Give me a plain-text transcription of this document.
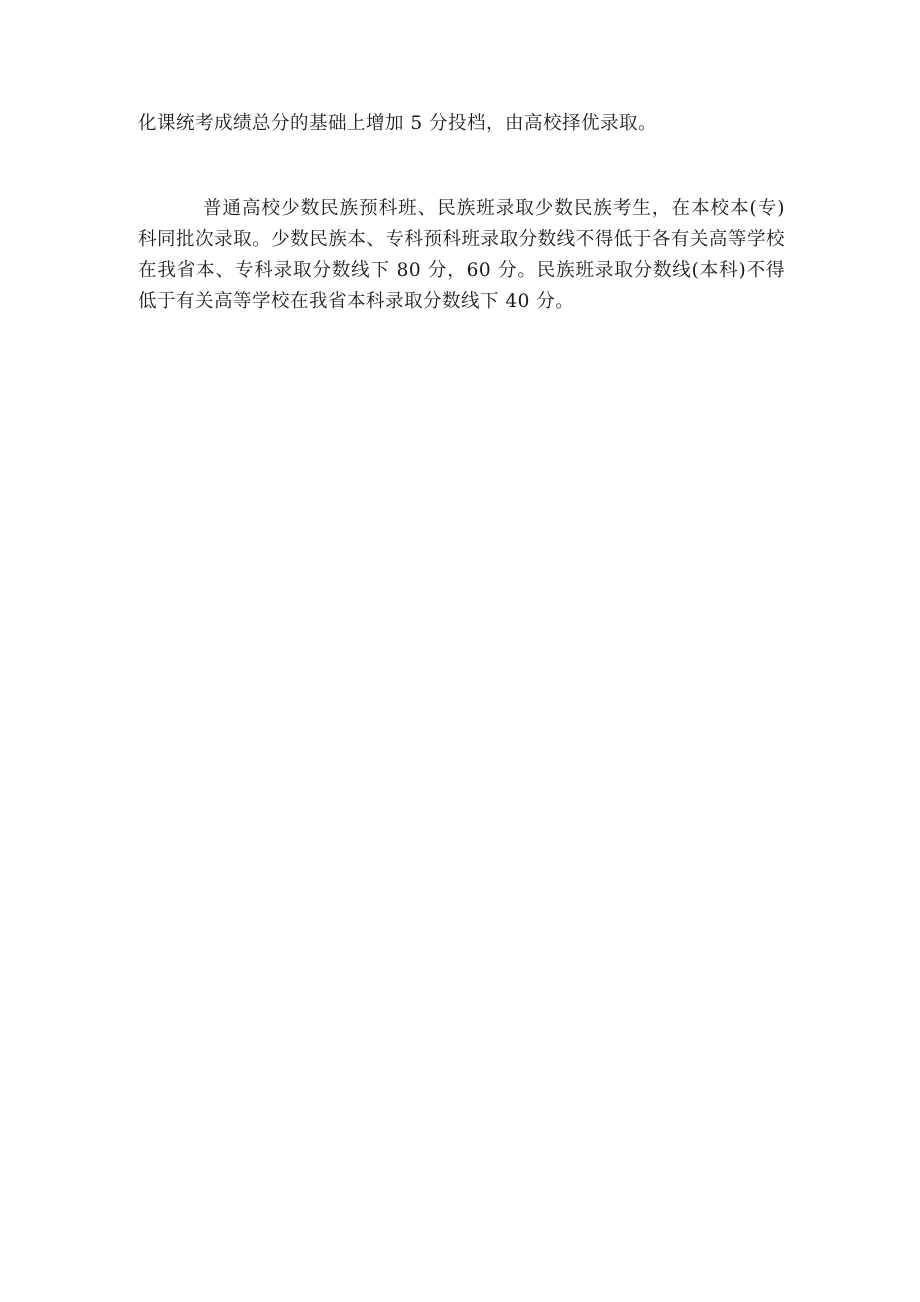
化课统考成绩总分的基础上增加 5 分投档，由高校择优录取。

普通高校少数民族预科班、民族班录取少数民族考生，在本校本(专)科同批次录取。少数民族本、专科预科班录取分数线不得低于各有关高等学校在我省本、专科录取分数线下 80 分，60 分。民族班录取分数线(本科)不得低于有关高等学校在我省本科录取分数线下 40 分。
